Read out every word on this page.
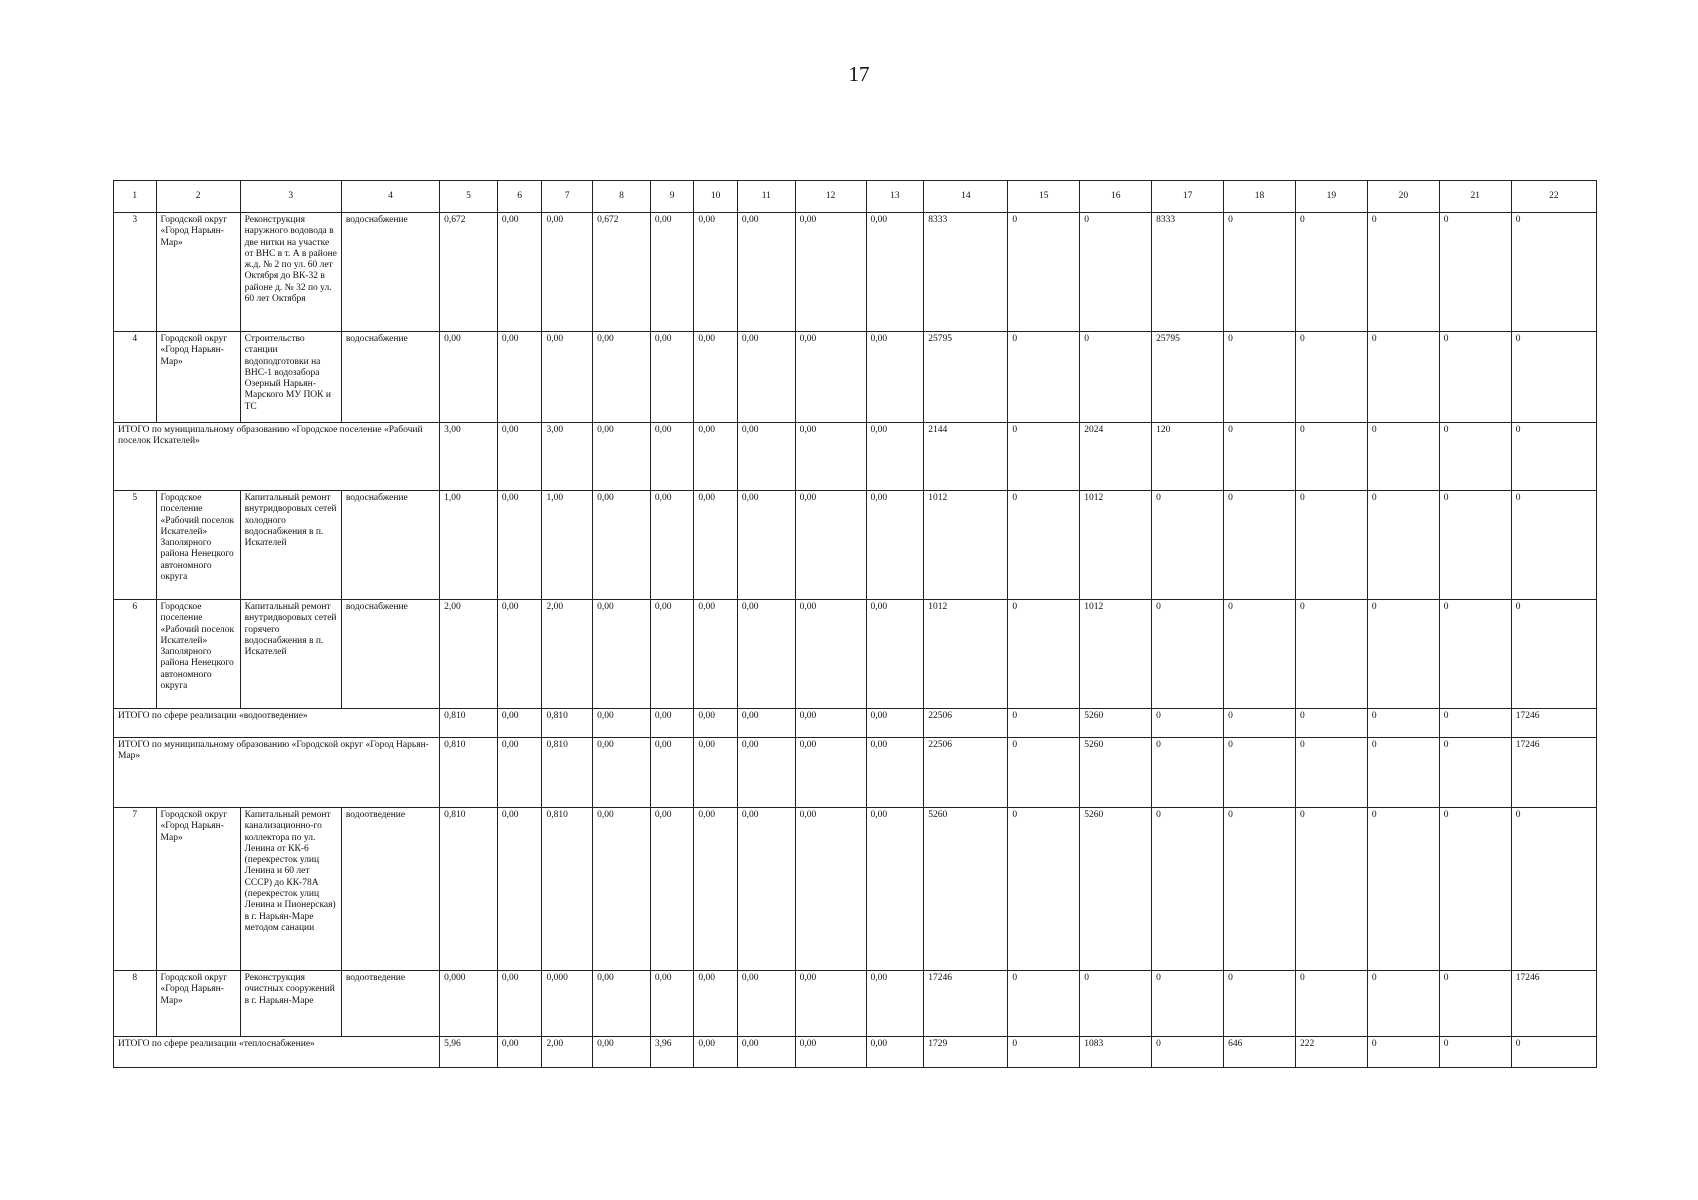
17
1	2	3	4	5	6	7	8	9	10	11	12	13	14	15	16	17	18	19	20	21	22
3	Городской округ «Город Нарьян-Мар»	Реконструкция наружного водовода в две нитки на участке от ВНС в т. А в районе ж.д. № 2 по ул. 60 лет Октября до ВК-32 в районе д. № 32 по ул. 60 лет Октября	водоснабжение	0,672	0,00	0,00	0,672	0,00	0,00	0,00	0,00	0,00	8333	0	0	8333	0	0	0	0	0
4	Городской округ «Город Нарьян-Мар»	Строительство станции водоподготовки на ВНС-1 водозабора Озерный Нарьян-Марского МУ ПОК и ТС	водоснабжение	0,00	0,00	0,00	0,00	0,00	0,00	0,00	0,00	0,00	25795	0	0	25795	0	0	0	0	0
ИТОГО по муниципальному образованию «Городское поселение «Рабочий поселок Искателей»				3,00	0,00	3,00	0,00	0,00	0,00	0,00	0,00	0,00	2144	0	2024	120	0	0	0	0	0
5	Городское поселение «Рабочий поселок Искателей» Заполярного района Ненецкого автономного округа	Капитальный ремонт внутридворовых сетей холодного водоснабжения в п. Искателей	водоснабжение	1,00	0,00	1,00	0,00	0,00	0,00	0,00	0,00	0,00	1012	0	1012	0	0	0	0	0	0
6	Городское поселение «Рабочий поселок Искателей» Заполярного района Ненецкого автономного округа	Капитальный ремонт внутридворовых сетей горячего водоснабжения в п. Искателей	водоснабжение	2,00	0,00	2,00	0,00	0,00	0,00	0,00	0,00	0,00	1012	0	1012	0	0	0	0	0	0
ИТОГО по сфере реализации «водоотведение»				0,810	0,00	0,810	0,00	0,00	0,00	0,00	0,00	0,00	22506	0	5260	0	0	0	0	0	17246
ИТОГО по муниципальному образованию «Городской округ «Город Нарьян-Мар»				0,810	0,00	0,810	0,00	0,00	0,00	0,00	0,00	0,00	22506	0	5260	0	0	0	0	0	17246
7	Городской округ «Город Нарьян-Мар»	Капитальный ремонт канализационно-го коллектора по ул. Ленина от КК-6 (перекресток улиц Ленина и 60 лет СССР) до КК-78А (перекресток улиц Ленина и Пионерская) в г. Нарьян-Маре методом санации	водоотведение	0,810	0,00	0,810	0,00	0,00	0,00	0,00	0,00	0,00	5260	0	5260	0	0	0	0	0	0
8	Городской округ «Город Нарьян-Мар»	Реконструкция очистных сооружений в г. Нарьян-Маре	водоотведение	0,000	0,00	0,000	0,00	0,00	0,00	0,00	0,00	0,00	17246	0	0	0	0	0	0	0	17246
ИТОГО по сфере реализации «теплоснабжение»				5,96	0,00	2,00	0,00	3,96	0,00	0,00	0,00	0,00	1729	0	1083	0	646	222	0	0	0
